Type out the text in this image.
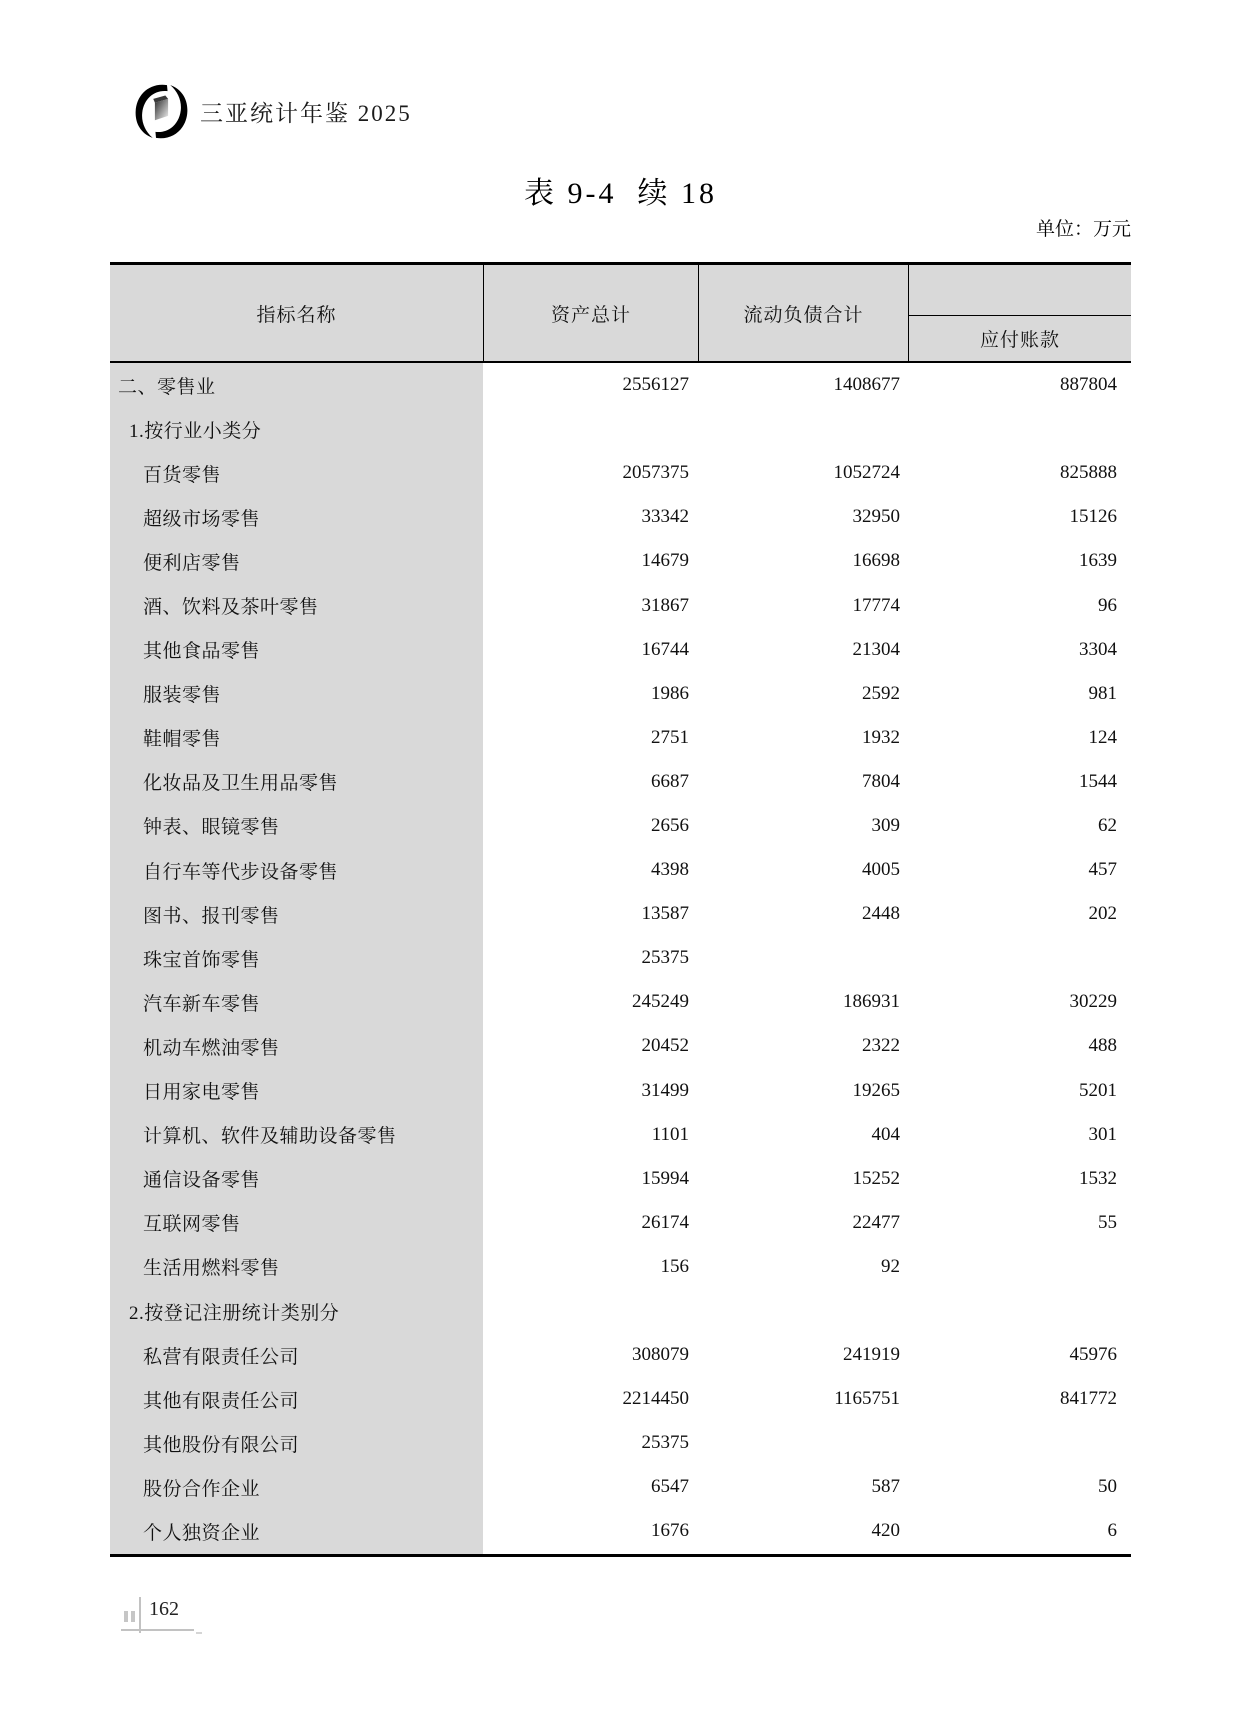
三亚统计年鉴 2025
表 9-4  续 18
单位：万元
指标名称	资产总计	流动负债合计
应付账款
二、零售业	2556127	1408677	887804
1.按行业小类分
百货零售	2057375	1052724	825888
超级市场零售	33342	32950	15126
便利店零售	14679	16698	1639
酒、饮料及茶叶零售	31867	17774	96
其他食品零售	16744	21304	3304
服装零售	1986	2592	981
鞋帽零售	2751	1932	124
化妆品及卫生用品零售	6687	7804	1544
钟表、眼镜零售	2656	309	62
自行车等代步设备零售	4398	4005	457
图书、报刊零售	13587	2448	202
珠宝首饰零售	25375
汽车新车零售	245249	186931	30229
机动车燃油零售	20452	2322	488
日用家电零售	31499	19265	5201
计算机、软件及辅助设备零售	1101	404	301
通信设备零售	15994	15252	1532
互联网零售	26174	22477	55
生活用燃料零售	156	92
2.按登记注册统计类别分
私营有限责任公司	308079	241919	45976
其他有限责任公司	2214450	1165751	841772
其他股份有限公司	25375
股份合作企业	6547	587	50
个人独资企业	1676	420	6
162
